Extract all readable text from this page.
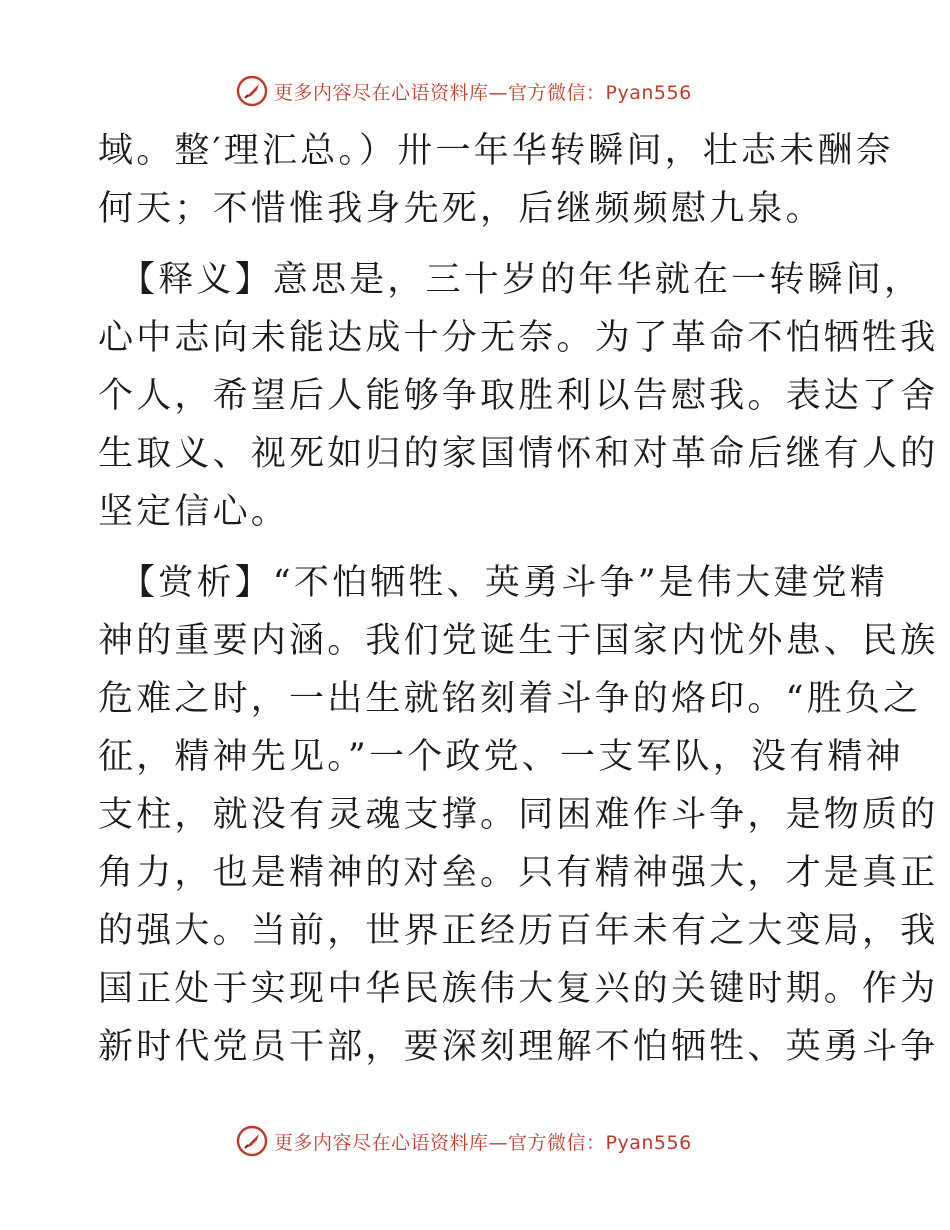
更多内容尽在心语资料库—官方微信：Pyan556
域。整′理汇总。）卅一年华转瞬间，壮志未酬奈
何天；不惜惟我身先死，后继频频慰九泉。
【释义】意思是，三十岁的年华就在一转瞬间，
心中志向未能达成十分无奈。为了革命不怕牺牲我
个人，希望后人能够争取胜利以告慰我。表达了舍
生取义、视死如归的家国情怀和对革命后继有人的
坚定信心。
【赏析】“不怕牺牲、英勇斗争”是伟大建党精
神的重要内涵。我们党诞生于国家内忧外患、民族
危难之时，一出生就铭刻着斗争的烙印。“胜负之
征，精神先见。”一个政党、一支军队，没有精神
支柱，就没有灵魂支撑。同困难作斗争，是物质的
角力，也是精神的对垒。只有精神强大，才是真正
的强大。当前，世界正经历百年未有之大变局，我
国正处于实现中华民族伟大复兴的关键时期。作为
新时代党员干部，要深刻理解不怕牺牲、英勇斗争
更多内容尽在心语资料库—官方微信：Pyan556
